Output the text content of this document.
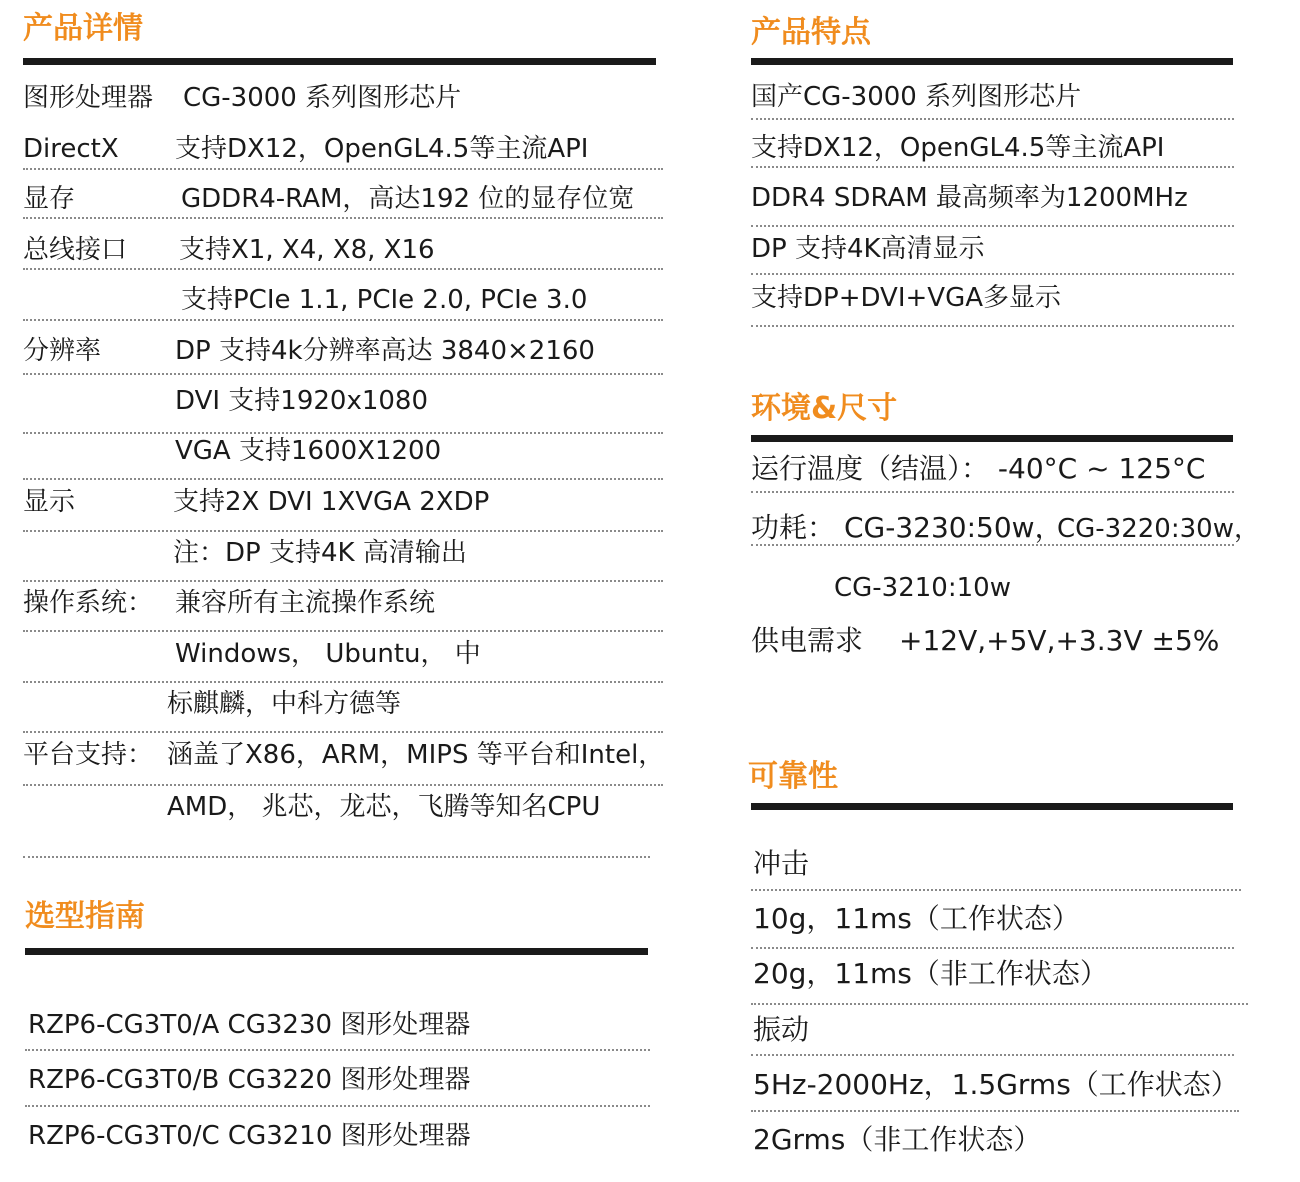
产品详情
图形处理器 CG-3000 系列图形芯片
DirectX 支持DX12，OpenGL4.5等主流API
显存	GDDR4-RAM，高达192 位的显存位宽
总线接口 支持X1, X4, X8, X16
支持PCIe 1.1, PCIe 2.0, PCIe 3.0
分辨率	DP 支持4k分辨率高达 3840×2160
DVI 支持1920x1080
VGA 支持1600X1200
显示	支持2X DVI 1XVGA 2XDP
注：DP 支持4K 高清输出
操作系统： 兼容所有主流操作系统
Windows， Ubuntu， 中
标麒麟，中科方德等
平台支持： 涵盖了X86，ARM，MIPS 等平台和Intel，
AMD， 兆芯，龙芯，飞腾等知名CPU
选型指南
RZP6-CG3T0/A CG3230 图形处理器
RZP6-CG3T0/B CG3220 图形处理器
RZP6-CG3T0/C CG3210 图形处理器
产品特点
国产CG-3000 系列图形芯片
支持DX12，OpenGL4.5等主流API
DDR4 SDRAM 最高频率为1200MHz
DP 支持4K高清显示
支持DP+DVI+VGA多显示
环境&尺寸
运行温度（结温）： -40°C ~ 125°C
功耗： CG-3230:50w，
CG-3220:30w，
CG-3210:10w
供电需求 +12V,+5V,+3.3V ±5%
可靠性
冲击
10g，11ms（工作状态）
20g，11ms（非工作状态）
振动
5Hz-2000Hz，1.5Grms（工作状态）
2Grms（非工作状态）
